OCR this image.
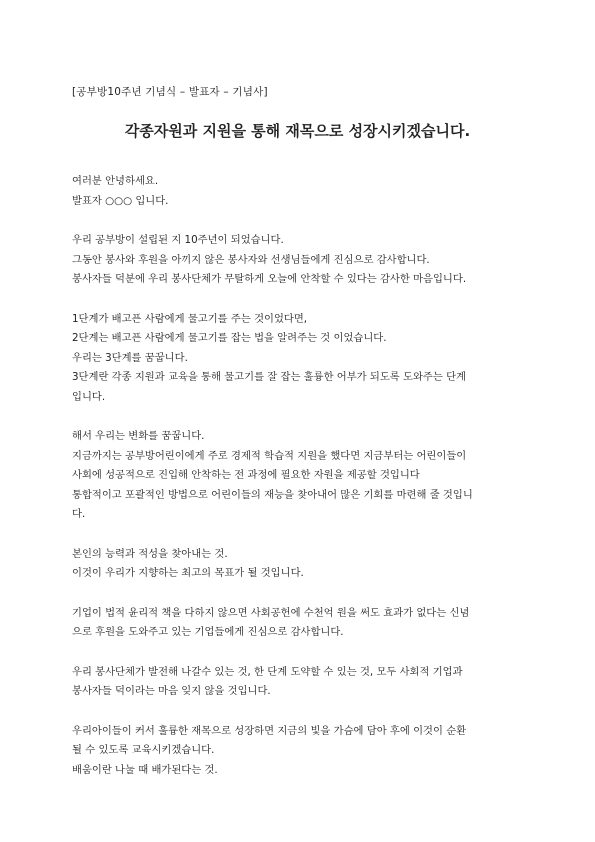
[공부방10주년 기념식 – 발표자 – 기념사]
각종자원과 지원을 통해 재목으로 성장시키겠습니다.
여러분 안녕하세요.
발표자 ○○○ 입니다.
우리 공부방이 설립된 지 10주년이 되었습니다.
그동안 봉사와 후원을 아끼지 않은 봉사자와 선생님들에게 진심으로 감사합니다.
봉사자들 덕분에 우리 봉사단체가 무탈하게 오늘에 안착할 수 있다는 감사한 마음입니다.
1단계가 배고픈 사람에게 물고기를 주는 것이었다면,
2단계는 배고픈 사람에게 물고기를 잡는 법을 알려주는 것 이었습니다.
우리는 3단계를 꿈꿉니다.
3단계란 각종 지원과 교육을 통해 물고기를 잘 잡는 훌륭한 어부가 되도록 도와주는 단계
입니다.
해서 우리는 변화를 꿈꿉니다.
지금까지는 공부방어린이에게 주로 경제적 학습적 지원을 했다면 지금부터는 어린이들이
사회에 성공적으로 진입해 안착하는 전 과정에 필요한 자원을 제공할 것입니다
통합적이고 포괄적인 방법으로 어린이들의 재능을 찾아내어 많은 기회를 마련해 줄 것입니
다.
본인의 능력과 적성을 찾아내는 것.
이것이 우리가 지향하는 최고의 목표가 될 것입니다.
기업이 법적 윤리적 책을 다하지 않으면 사회공헌에 수천억 원을 써도 효과가 없다는 신념
으로 후원을 도와주고 있는 기업들에게 진심으로 감사합니다.
우리 봉사단체가 발전해 나갈수 있는 것, 한 단계 도약할 수 있는 것, 모두 사회적 기업과
봉사자들 덕이라는 마음 잊지 않을 것입니다.
우리아이들이 커서 훌륭한 재목으로 성장하면 지금의 빛을 가슴에 담아 후에 이것이 순환
될 수 있도록 교육시키겠습니다.
배움이란 나눌 때 배가된다는 것.
